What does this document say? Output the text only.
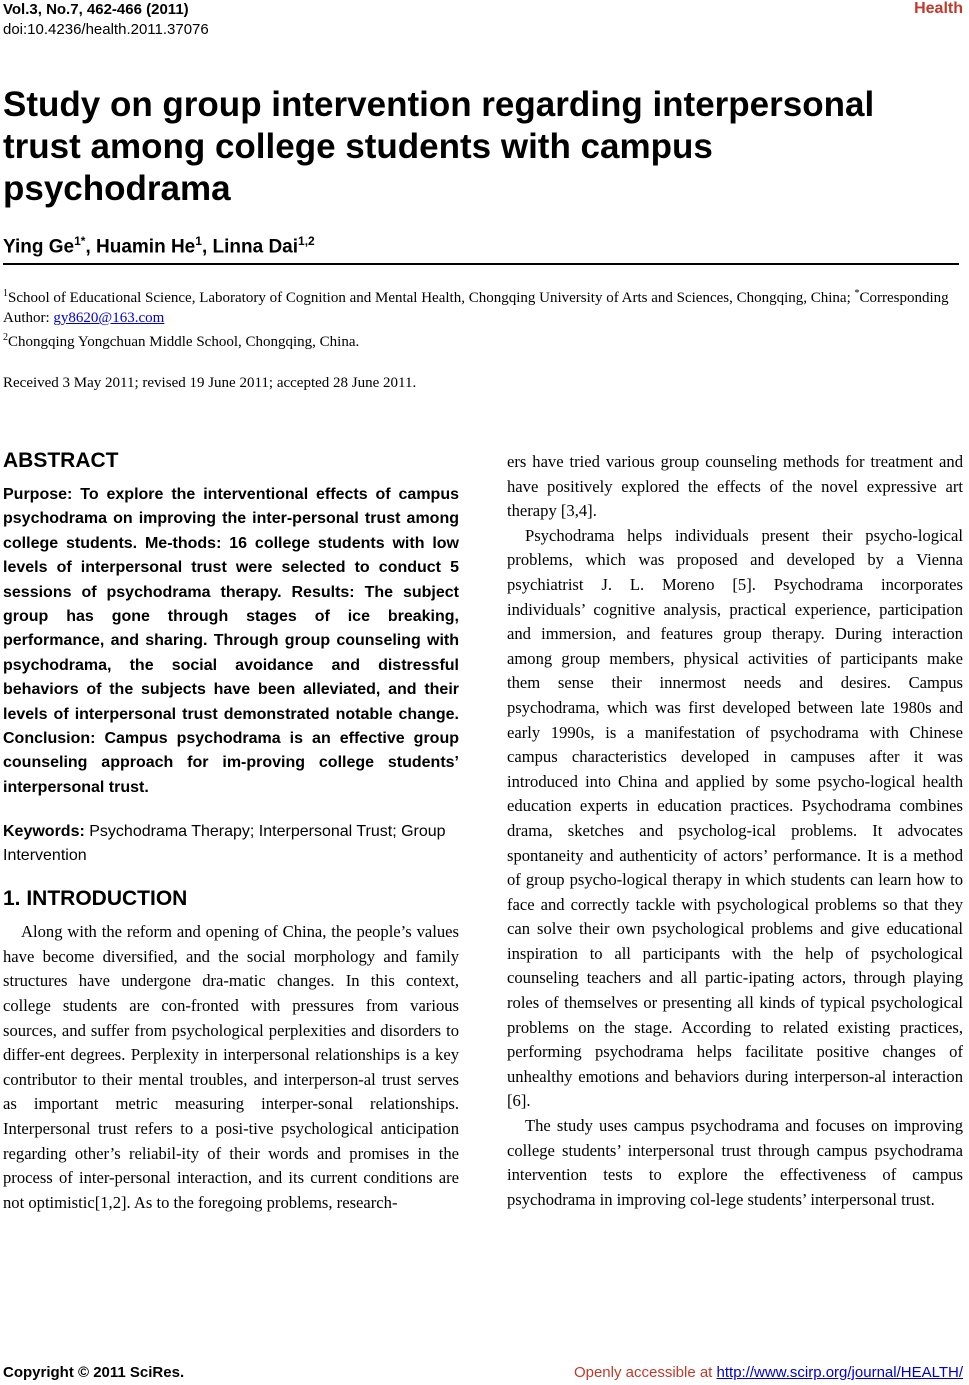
Vol.3, No.7, 462-466 (2011)
doi:10.4236/health.2011.37076
Health
Study on group intervention regarding interpersonal trust among college students with campus psychodrama
Ying $Ge^{1*}$, Huamin He$^1$, Linna Dai$^{1,2}$
$^1$School of Educational Science, Laboratory of Cognition and Mental Health, Chongqing University of Arts and Sciences, Chongqing, China; *Corresponding Author: gy8620@163.com
$^2$Chongqing Yongchuan Middle School, Chongqing, China.
Received 3 May 2011; revised 19 June 2011; accepted 28 June 2011.
ABSTRACT

Purpose: To explore the interventional effects of campus psychodrama on improving the inter-personal trust among college students. Me-thods: 16 college students with low levels of interpersonal trust were selected to conduct 5 sessions of psychodrama therapy. Results: The subject group has gone through stages of ice breaking, performance, and sharing. Through group counseling with psychodrama, the social avoidance and distressful behaviors of the subjects have been alleviated, and their levels of interpersonal trust demonstrated notable change. Conclusion: Campus psychodrama is an effective group counseling approach for im-proving college students’ interpersonal trust.

Keywords: Psychodrama Therapy; Interpersonal Trust; Group Intervention

1. INTRODUCTION

Along with the reform and opening of China, the people’s values have become diversified, and the social morphology and family structures have undergone dra-matic changes. In this context, college students are con-fronted with pressures from various sources, and suffer from psychological perplexities and disorders to differ-ent degrees. Perplexity in interpersonal relationships is a key contributor to their mental troubles, and interperson-al trust serves as important metric measuring interper-sonal relationships. Interpersonal trust refers to a posi-tive psychological anticipation regarding other’s reliabil-ity of their words and promises in the process of inter-personal interaction, and its current conditions are not optimistic[1,2]. As to the foregoing problems, research-

ers have tried various group counseling methods for treatment and have positively explored the effects of the novel expressive art therapy [3,4].

Psychodrama helps individuals present their psycho-logical problems, which was proposed and developed by a Vienna psychiatrist J. L. Moreno [5]. Psychodrama incorporates individuals’ cognitive analysis, practical experience, participation and immersion, and features group therapy. During interaction among group members, physical activities of participants make them sense their innermost needs and desires. Campus psychodrama, which was first developed between late 1980s and early 1990s, is a manifestation of psychodrama with Chinese campus characteristics developed in campuses after it was introduced into China and applied by some psycho-logical health education experts in education practices. Psychodrama combines drama, sketches and psycholog-ical problems. It advocates spontaneity and authenticity of actors’ performance. It is a method of group psycho-logical therapy in which students can learn how to face and correctly tackle with psychological problems so that they can solve their own psychological problems and give educational inspiration to all participants with the help of psychological counseling teachers and all partic-ipating actors, through playing roles of themselves or presenting all kinds of typical psychological problems on the stage. According to related existing practices, performing psychodrama helps facilitate positive changes of unhealthy emotions and behaviors during interperson-al interaction [6].

The study uses campus psychodrama and focuses on improving college students’ interpersonal trust through campus psychodrama intervention tests to explore the effectiveness of campus psychodrama in improving col-lege students’ interpersonal trust.

Copyright © 2011 SciRes.	Openly accessible at http://www.scirp.org/journal/HEALTH/
